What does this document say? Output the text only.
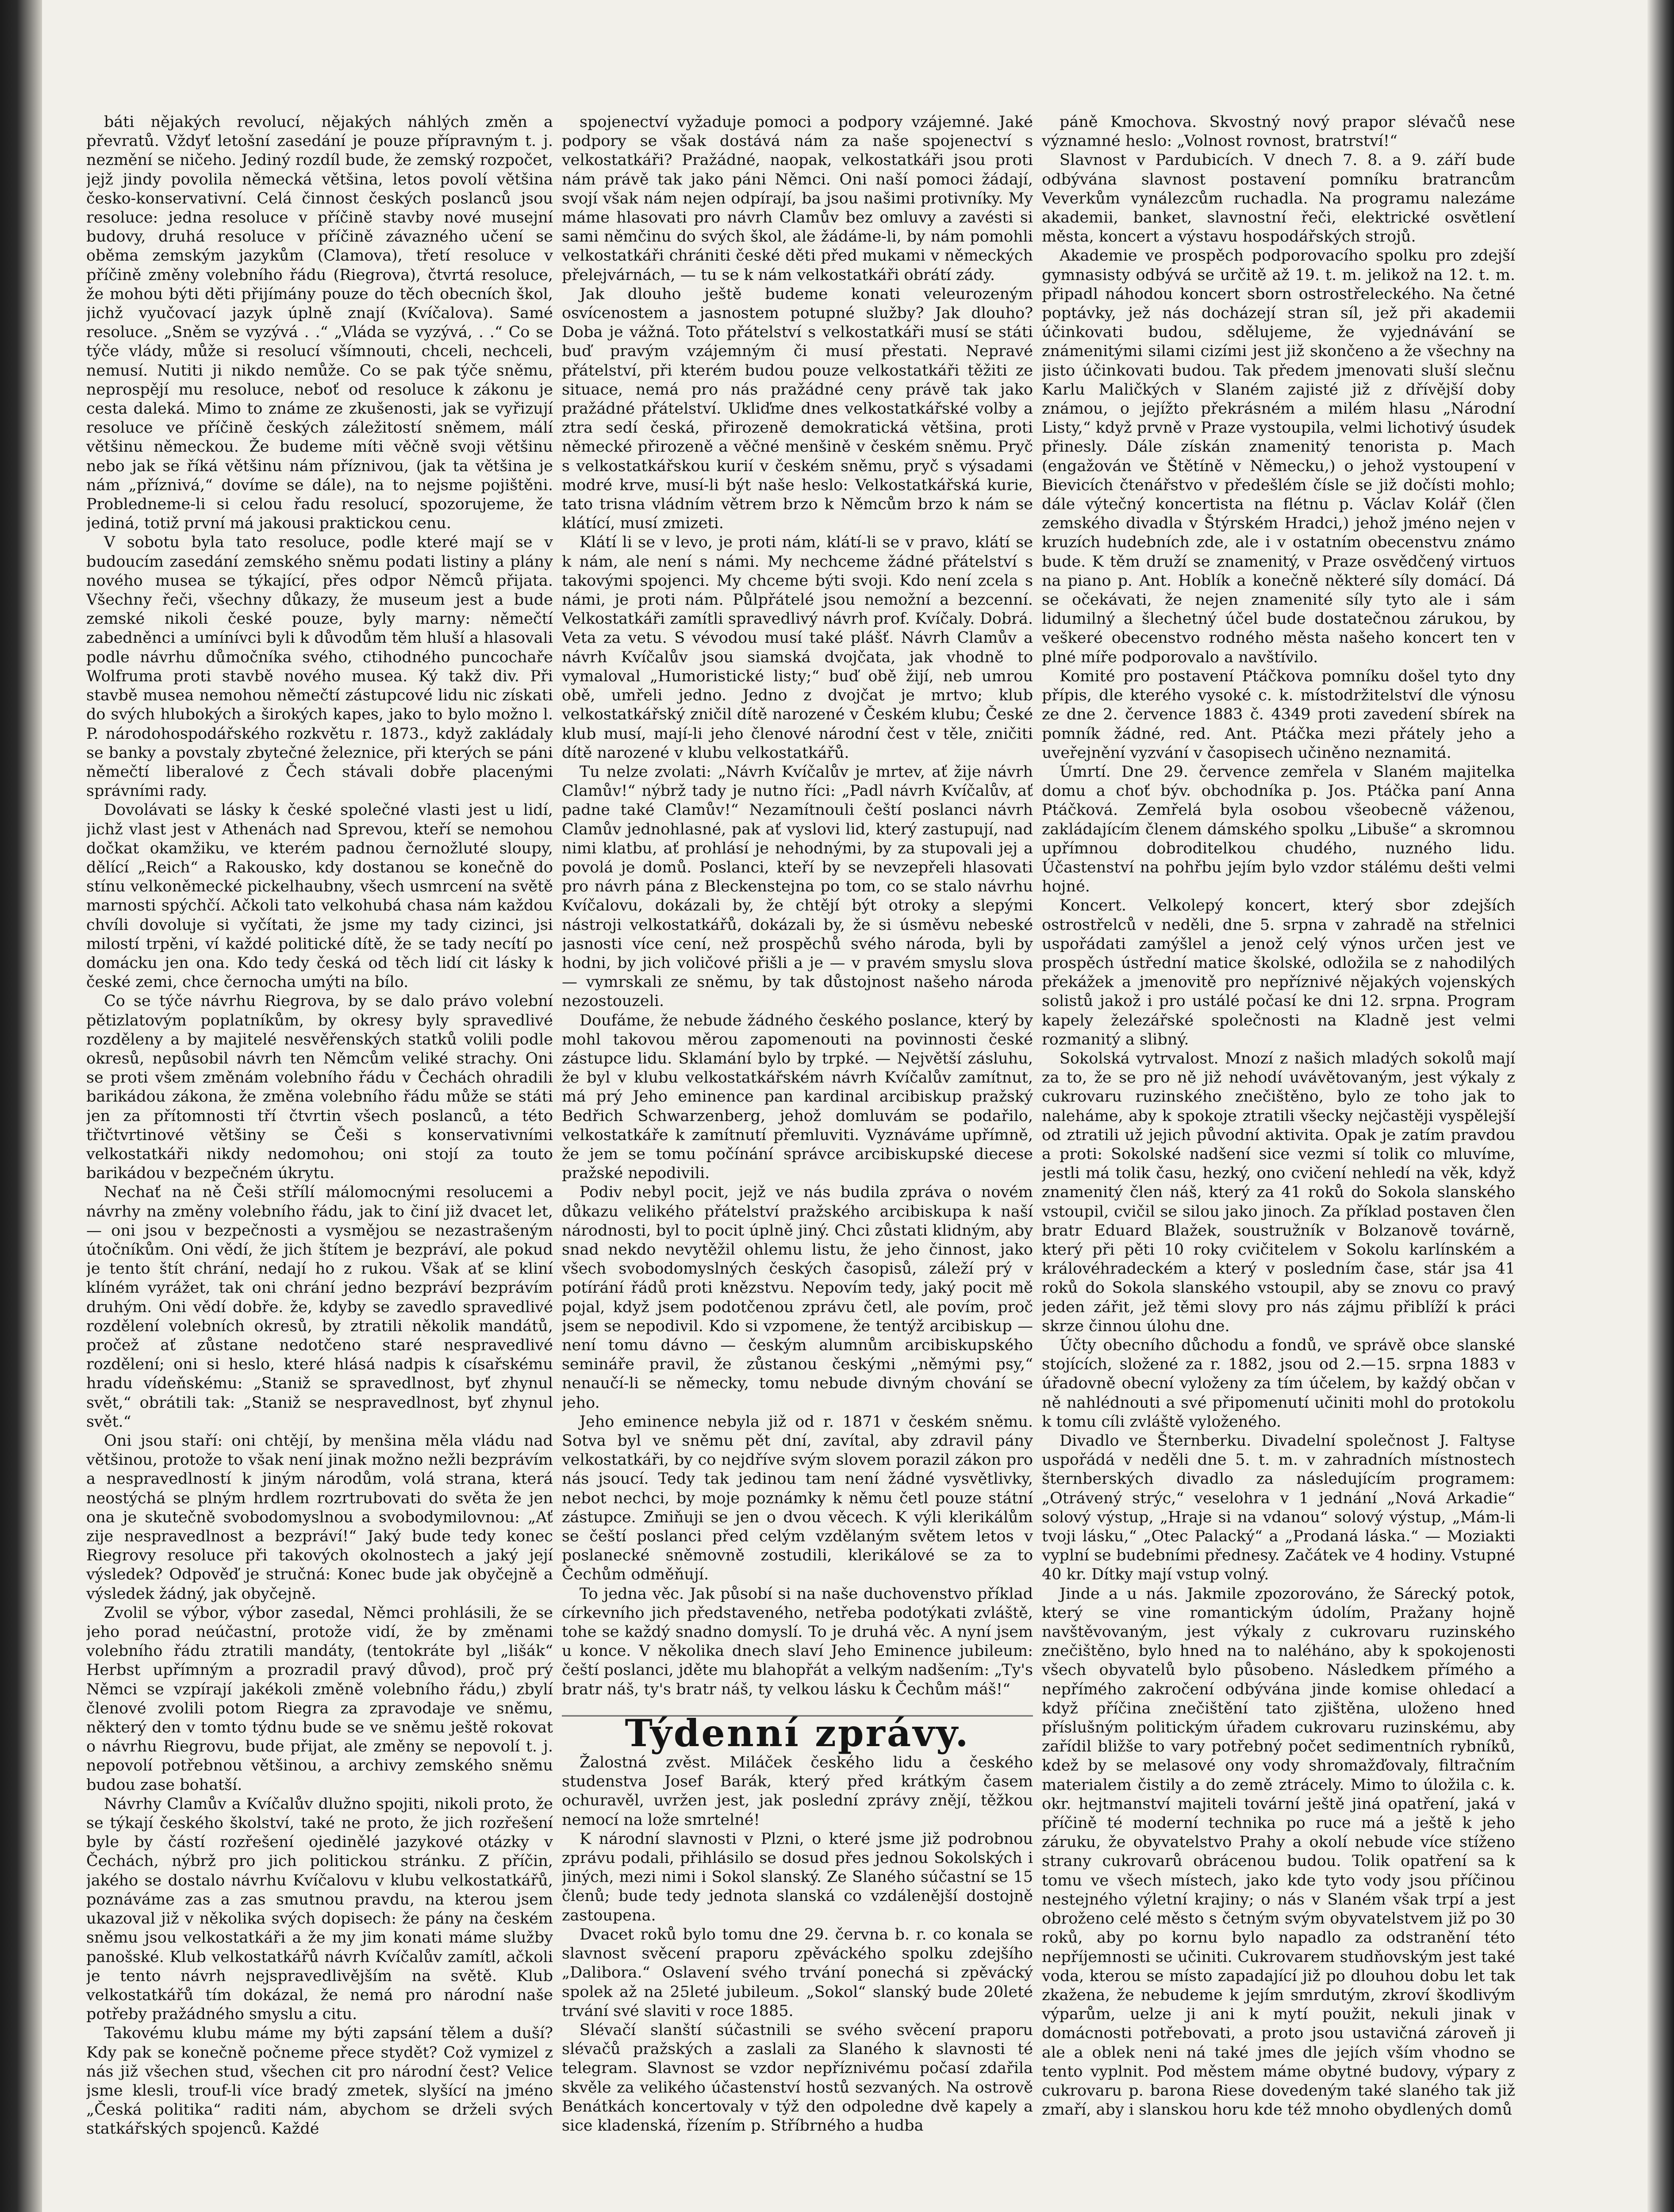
báti nějakých revolucí, nějakých náhlých změn a převratů. Vždyť letošní zasedání je pouze přípravným t. j. nezmění se ničeho. Jediný rozdíl bude, že zemský rozpočet, jejž jindy povolila německá většina, letos povolí většina česko-konservativní. Celá činnost českých poslanců jsou resoluce: jedna resoluce v příčině stavby nové musejní budovy, druhá resoluce v příčině závazného učení se oběma zemským jazykům (Clamova), třetí resoluce v příčině změny volebního řádu (Riegrova), čtvrtá resoluce, že mohou býti děti přijímány pouze do těch obecních škol, jichž vyučovací jazyk úplně znají (Kvíčalova). Samé resoluce. „Sněm se vyzývá . .“ „Vláda se vyzývá, . .“ Co se týče vlády, může si resolucí všímnouti, chceli, nechceli, nemusí. Nutiti ji nikdo nemůže. Co se pak týče sněmu, neprospějí mu resoluce, neboť od resoluce k zákonu je cesta daleká. Mimo to známe ze zkušenosti, jak se vyřizují resoluce ve příčině českých záležitostí sněmem, málí většinu německou. Že budeme míti věčně svoji většinu nebo jak se říká většinu nám příznivou, (jak ta většina je nám „příznivá,“ dovíme se dále), na to nejsme pojištěni. Probledneme-li si celou řadu resolucí, spozorujeme, že jediná, totiž první má jakousi praktickou cenu.

V sobotu byla tato resoluce, podle které mají se v budoucím zasedání zemského sněmu podati listiny a plány nového musea se týkající, přes odpor Němců přijata. Všechny řeči, všechny důkazy, že museum jest a bude zemské nikoli české pouze, byly marny: němečtí zabedněnci a umínívci byli k důvodům těm hluší a hlasovali podle návrhu důmočníka svého, ctihodného puncochaře Wolfruma proti stavbě nového musea. Ký takž div. Při stavbě musea nemohou němečtí zástupcové lidu nic získati do svých hlubokých a širokých kapes, jako to bylo možno l. P. národohospodářského rozkvětu r. 1873., když zakládaly se banky a povstaly zbytečné železnice, při kterých se páni němečtí liberalové z Čech stávali dobře placenými správními rady.

Dovolávati se lásky k české společné vlasti jest u lidí, jichž vlast jest v Athenách nad Sprevou, kteří se nemohou dočkat okamžiku, ve kterém padnou černožluté sloupy, dělící „Reich“ a Rakousko, kdy dostanou se konečně do stínu velkoněmecké pickelhaubny, všech usmrcení na světě marnosti spýchčí. Ačkoli tato velkohubá chasa nám každou chvíli dovoluje si vyčítati, že jsme my tady cizinci, jsi milostí trpěni, ví každé politické dítě, že se tady necítí po domácku jen ona. Kdo tedy česká od těch lidí cit lásky k české zemi, chce černocha umýti na bílo.

Co se týče návrhu Riegrova, by se dalo právo volební pětizlatovým poplatníkům, by okresy byly spravedlivé rozděleny a by majitelé nesvěřenských statků volili podle okresů, nepůsobil návrh ten Němcům veliké strachy. Oni se proti všem změnám volebního řádu v Čechách ohradili barikádou zákona, že změna volebního řádu může se státi jen za přítomnosti tří čtvrtin všech poslanců, a této třičtvrtinové většiny se Češi s konservativními velkostatkáři nikdy nedomohou; oni stojí za touto barikádou v bezpečném úkrytu.

Nechať na ně Češi střílí málomocnými resolucemi a návrhy na změny volebního řádu, jak to činí již dvacet let, — oni jsou v bezpečnosti a vysmějou se nezastrašeným útočníkům. Oni vědí, že jich štítem je bezpráví, ale pokud je tento štít chrání, nedají ho z rukou. Však ať se kliní klíném vyrážet, tak oni chrání jedno bezpráví bezprávím druhým. Oni vědí dobře. že, kdyby se zavedlo spravedlivé rozdělení volebních okresů, by ztratili několik mandátů, pročež ať zůstane nedotčeno staré nespravedlivé rozdělení; oni si heslo, které hlásá nadpis k císařskému hradu vídeňskému: „Staniž se spravedlnost, byť zhynul svět,“ obrátili tak: „Staniž se nespravedlnost, byť zhynul svět.“

Oni jsou staří: oni chtějí, by menšina měla vládu nad většinou, protože to však není jinak možno nežli bezprávím a nespravedlností k jiným národům, volá strana, která neostýchá se plným hrdlem rozrtrubovati do světa že jen ona je skutečně svobodomyslnou a svobodymilovnou: „Ať zije nespravedlnost a bezpráví!“ Jaký bude tedy konec Riegrovy resoluce při takových okolnostech a jaký její výsledek? Odpověď je stručná: Konec bude jak obyčejně a výsledek žádný, jak obyčejně.

Zvolil se výbor, výbor zasedal, Němci prohlásili, že se jeho porad neúčastní, protože vidí, že by změnami volebního řádu ztratili mandáty, (tentokráte byl „lišák“ Herbst upřímným a prozradil pravý důvod), proč prý Němci se vzpírají jakékoli změně volebního řádu,) zbylí členové zvolili potom Riegra za zpravodaje ve sněmu, některý den v tomto týdnu bude se ve sněmu ještě rokovat o návrhu Riegrovu, bude přijat, ale změny se nepovolí t. j. nepovolí potřebnou většinou, a archivy zemského sněmu budou zase bohatší.

Návrhy Clamův a Kvíčalův dlužno spojiti, nikoli proto, že se týkají českého školství, také ne proto, že jich rozřešení byle by částí rozřešení ojedinělé jazykové otázky v Čechách, nýbrž pro jich politickou stránku. Z příčin, jakého se dostalo návrhu Kvíčalovu v klubu velkostatkářů, poznáváme zas a zas smutnou pravdu, na kterou jsem ukazoval již v několika svých dopisech: že pány na českém sněmu jsou velkostatkáři a že my jim konati máme služby panošské. Klub velkostatkářů návrh Kvíčalův zamítl, ačkoli je tento návrh nejspravedlivějším na světě. Klub velkostatkářů tím dokázal, že nemá pro národní naše potřeby pražádného smyslu a citu.

Takovému klubu máme my býti zapsání tělem a duší? Kdy pak se konečně počneme přece stydět? Což vymizel z nás již všechen stud, všechen cit pro národní čest? Velice jsme klesli, trouf-li více bradý zmetek, slyšící na jméno „Česká politika“ raditi nám, abychom se drželi svých statkářských spojenců. Každé

spojenectví vyžaduje pomoci a podpory vzájemné. Jaké podpory se však dostává nám za naše spojenectví s velkostatkáři? Pražádné, naopak, velkostatkáři jsou proti nám právě tak jako páni Němci. Oni naší pomoci žádají, svojí však nám nejen odpírají, ba jsou našimi protivníky. My máme hlasovati pro návrh Clamův bez omluvy a zavésti si sami němčinu do svých škol, ale žádáme-li, by nám pomohli velkostatkáři chrániti české děti před mukami v německých přelejvárnách, — tu se k nám velkostatkáři obrátí zády.

Jak dlouho ještě budeme konati veleurozeným osvícenostem a jasnostem potupné služby? Jak dlouho? Doba je vážná. Toto přátelství s velkostatkáři musí se státi buď pravým vzájemným či musí přestati. Nepravé přátelství, při kterém budou pouze velkostatkáři těžiti ze situace, nemá pro nás pražádné ceny právě tak jako pražádné přátelství. Ukliďme dnes velkostatkářské volby a ztra sedí česká, přirozeně demokratická většina, proti německé přirozeně a věčné menšině v českém sněmu. Pryč s velkostatkářskou kurií v českém sněmu, pryč s výsadami modré krve, musí-li být naše heslo: Velkostatkářská kurie, tato trisna vládním větrem brzo k Němcům brzo k nám se klátící, musí zmizeti.

Klátí li se v levo, je proti nám, klátí-li se v pravo, klátí se k nám, ale není s námi. My nechceme žádné přátelství s takovými spojenci. My chceme býti svoji. Kdo není zcela s námi, je proti nám. Půlpřátelé jsou nemožní a bezcenní. Velkostatkáři zamítli spravedlivý návrh prof. Kvíčaly. Dobrá. Veta za vetu. S vévodou musí také plášť. Návrh Clamův a návrh Kvíčalův jsou siamská dvojčata, jak vhodně to vymaloval „Humoristické listy;“ buď obě žijí, neb umrou obě, umřeli jedno. Jedno z dvojčat je mrtvo; klub velkostatkářský zničil dítě narozené v Českém klubu; České klub musí, mají-li jeho členové národní čest v těle, zničiti dítě narozené v klubu velkostatkářů.

Tu nelze zvolati: „Návrh Kvíčalův je mrtev, ať žije návrh Clamův!“ nýbrž tady je nutno říci: „Padl návrh Kvíčalův, ať padne také Clamův!“ Nezamítnouli čeští poslanci návrh Clamův jednohlasné, pak ať vyslovi lid, který zastupují, nad nimi klatbu, ať prohlásí je nehodnými, by za stupovali jej a povolá je domů. Poslanci, kteří by se nevzepřeli hlasovati pro návrh pána z Bleckenstejna po tom, co se stalo návrhu Kvíčalovu, dokázali by, že chtějí být otroky a slepými nástroji velkostatkářů, dokázali by, že si úsměvu nebeské jasnosti více cení, než prospěchů svého národa, byli by hodni, by jich voličové přišli a je — v pravém smyslu slova — vymrskali ze sněmu, by tak důstojnost našeho národa nezostouzeli.

Doufáme, že nebude žádného českého poslance, který by mohl takovou měrou zapomenouti na povinnosti české zástupce lidu. Sklamání bylo by trpké. — Největší zásluhu, že byl v klubu velkostatkářském návrh Kvíčalův zamítnut, má prý Jeho eminence pan kardinal arcibiskup pražský Bedřich Schwarzenberg, jehož domluvám se podařilo, velkostatkáře k zamítnutí přemluviti. Vyznáváme upřímně, že jem se tomu počínání správce arcibiskupské diecese pražské nepodivili.

Podiv nebyl pocit, jejž ve nás budila zpráva o novém důkazu velikého přátelství pražského arcibiskupa k naší národnosti, byl to pocit úplně jiný. Chci zůstati klidným, aby snad nekdo nevytěžil ohlemu listu, že jeho činnost, jako všech svobodomyslných českých časopisů, záleží prý v potírání řádů proti knězstvu. Nepovím tedy, jaký pocit mě pojal, když jsem podotčenou zprávu četl, ale povím, proč jsem se nepodivil. Kdo si vzpomene, že tentýž arcibiskup — není tomu dávno — českým alumnům arcibiskupského semináře pravil, že zůstanou českými „němými psy,“ nenaučí-li se německy, tomu nebude divným chování se jeho.

Jeho eminence nebyla již od r. 1871 v českém sněmu. Sotva byl ve sněmu pět dní, zavítal, aby zdravil pány velkostatkáři, by co nejdříve svým slovem porazil zákon pro nás jsoucí. Tedy tak jedinou tam není žádné vysvětlivky, nebot nechci, by moje poznámky k němu četl pouze státní zástupce. Zmiňuji se jen o dvou věcech. K výli klerikálům se čeští poslanci před celým vzdělaným světem letos v poslanecké sněmovně zostudili, klerikálové se za to Čechům odměňují.

To jedna věc. Jak působí si na naše duchovenstvo příklad církevního jich představeného, netřeba podotýkati zvláště, tohe se každý snadno domyslí. To je druhá věc. A nyní jsem u konce. V několika dnech slaví Jeho Eminence jubileum: čeští poslanci, jděte mu blahopřát a velkým nadšením: „Ty's bratr náš, ty's bratr náš, ty velkou lásku k Čechům máš!“

Týdenní zprávy.

Žalostná zvěst. Miláček českého lidu a českého studenstva Josef Barák, který před krátkým časem ochuravěl, uvržen jest, jak poslední zprávy znějí, těžkou nemocí na lože smrtelné!

K národní slavnosti v Plzni, o které jsme již podrobnou zprávu podali, přihlásilo se dosud přes jednou Sokolských i jiných, mezi nimi i Sokol slanský. Ze Slaného súčastní se 15 členů; bude tedy jednota slanská co vzdálenější dostojně zastoupena.

Dvacet roků bylo tomu dne 29. června b. r. co konala se slavnost svěcení praporu zpěváckého spolku zdejšího „Dalibora.“ Oslavení svého trvání ponechá si zpěvácký spolek až na 25leté jubileum. „Sokol“ slanský bude 20leté trvání své slaviti v roce 1885.

Slévačí slanští súčastnili se svého svěcení praporu slévačů pražských a zaslali za Slaného k slavnosti té telegram. Slavnost se vzdor nepříznivému počasí zdařila skvěle za velikého účastenství hostů sezvaných. Na ostrově Benátkách koncertovaly v týž den odpoledne dvě kapely a sice kladenská, řízením p. Stříbrného a hudba

páně Kmochova. Skvostný nový prapor slévačů nese významné heslo: „Volnost rovnost, bratrství!“

Slavnost v Pardubicích. V dnech 7. 8. a 9. září bude odbývána slavnost postavení pomníku bratrancům Veverkům vynálezcům ruchadla. Na programu nalezáme akademii, banket, slavnostní řeči, elektrické osvětlení města, koncert a výstavu hospodářských strojů.

Akademie ve prospěch podporovacího spolku pro zdejší gymnasisty odbývá se určitě až 19. t. m. jelikož na 12. t. m. připadl náhodou koncert sborn ostrostřeleckého. Na četné poptávky, jež nás docházejí stran síl, jež při akademii účinkovati budou, sdělujeme, že vyjednávání se známenitými silami cizími jest již skončeno a že všechny na jisto účinkovati budou. Tak předem jmenovati sluší slečnu Karlu Maličkých v Slaném zajisté již z dřívější doby známou, o jejížto překrásném a milém hlasu „Národní Listy,“ když prvně v Praze vystoupila, velmi lichotivý úsudek přinesly. Dále získán znamenitý tenorista p. Mach (engažován ve Štětíně v Německu,) o jehož vystoupení v Bievicích čtenářstvo v předešlém čísle se již dočísti mohlo; dále výtečný koncertista na flétnu p. Václav Kolář (člen zemského divadla v Štýrském Hradci,) jehož jméno nejen v kruzích hudebních zde, ale i v ostatním obecenstvu známo bude. K těm druží se znamenitý, v Praze osvědčený virtuos na piano p. Ant. Hoblík a konečně některé síly domácí. Dá se očekávati, že nejen znamenité síly tyto ale i sám lidumilný a šlechetný účel bude dostatečnou zárukou, by veškeré obecenstvo rodného města našeho koncert ten v plné míře podporovalo a navštívilo.

Komité pro postavení Ptáčkova pomníku došel tyto dny přípis, dle kterého vysoké c. k. místodržitelství dle výnosu ze dne 2. července 1883 č. 4349 proti zavedení sbírek na pomník žádné, red. Ant. Ptáčka mezi přátely jeho a uveřejnění vyzvání v časopisech učiněno neznamitá.

Úmrtí. Dne 29. července zemřela v Slaném majitelka domu a choť býv. obchodníka p. Jos. Ptáčka paní Anna Ptáčková. Zemřelá byla osobou všeobecně váženou, zakládajícím členem dámského spolku „Libuše“ a skromnou upřímnou dobroditelkou chudého, nuzného lidu. Účastenství na pohřbu jejím bylo vzdor stálému dešti velmi hojné.

Koncert. Velkolepý koncert, který sbor zdejších ostrostřelců v neděli, dne 5. srpna v zahradě na střelnici uspořádati zamýšlel a jenož celý výnos určen jest ve prospěch ústřední matice školské, odložila se z nahodilých překážek a jmenovitě pro nepříznivé nějakých vojenských solistů jakož i pro ustálé počasí ke dni 12. srpna. Program kapely železářské společnosti na Kladně jest velmi rozmanitý a slibný.

Sokolská vytrvalost. Mnozí z našich mladých sokolů mají za to, že se pro ně již nehodí uvávětovaným, jest výkaly z cukrovaru ruzinského znečištěno, bylo ze toho jak to naleháme, aby k spokoje ztratili všecky nejčastěji vyspělejší od ztratili už jejich původní aktivita. Opak je zatím pravdou a proti: Sokolské nadšení sice vezmi sí tolik co mluvíme, jestli má tolik času, hezký, ono cvičení nehledí na věk, když znamenitý člen náš, který za 41 roků do Sokola slanského vstoupil, cvičil se silou jako jinoch. Za příklad postaven člen bratr Eduard Blažek, soustružník v Bolzanově továrně, který při pěti 10 roky cvičitelem v Sokolu karlínském a královéhradeckém a který v posledním čase, stár jsa 41 roků do Sokola slanského vstoupil, aby se znovu co pravý jeden zářit, jež těmi slovy pro nás zájmu přiblíží k práci skrze činnou úlohu dne.

Účty obecního důchodu a fondů, ve správě obce slanské stojících, složené za r. 1882, jsou od 2.—15. srpna 1883 v úřadovně obecní vyloženy za tím účelem, by každý občan v ně nahlédnouti a své připomenutí učiniti mohl do protokolu k tomu cíli zvláště vyloženého.

Divadlo ve Šternberku. Divadelní společnost J. Faltyse uspořádá v neděli dne 5. t. m. v zahradních místnostech šternberských divadlo za následujícím programem: „Otrávený strýc,“ veselohra v 1 jednání „Nová Arkadie“ solový výstup, „Hraje si na vdanou“ solový výstup, „Mám-li tvoji lásku,“ „Otec Palacký“ a „Prodaná láska.“ — Moziakti vyplní se budebními přednesy. Začátek ve 4 hodiny. Vstupné 40 kr. Dítky mají vstup volný.

Jinde a u nás. Jakmile zpozorováno, že Sárecký potok, který se vine romantickým údolím, Pražany hojně navštěvovaným, jest výkaly z cukrovaru ruzinského znečištěno, bylo hned na to naléháno, aby k spokojenosti všech obyvatelů bylo působeno. Následkem přímého a nepřímého zakročení odbývána jinde komise ohledací a když příčina znečištění tato zjištěna, uloženo hned příslušným politickým úřadem cukrovaru ruzinskému, aby zařídil bližše to vary potřebný počet sedimentních rybníků, kdež by se melasové ony vody shromažďovaly, filtračním materialem čistily a do země ztrácely. Mimo to úložila c. k. okr. hejtmanství majiteli tovární ještě jiná opatření, jaká v příčině té moderní technika po ruce má a ještě k jeho záruku, že obyvatelstvo Prahy a okolí nebude více stíženo strany cukrovarů obrácenou budou. Tolik opatření sa k tomu ve všech místech, jako kde tyto vody jsou příčinou nestejného výletní krajiny; o nás v Slaném však trpí a jest obroženo celé město s četným svým obyvatelstvem již po 30 roků, aby po kornu bylo napadlo za odstranění této nepříjemnosti se učiniti. Cukrovarem studňovským jest také voda, kterou se místo zapadající již po dlouhou dobu let tak zkažena, že nebudeme k jejím smrdutým, zkroví škodlivým výparům, uelze ji ani k mytí použit, nekuli jinak v domácnosti potřebovati, a proto jsou ustavičná zároveň ji ale a oblek neni ná také jmes dle jejích vším vhodno se tento vyplnit. Pod městem máme obytné budovy, výpary z cukrovaru p. barona Riese dovedeným také slaného tak již zmaří, aby i slanskou horu kde též mnoho obydlených domů
